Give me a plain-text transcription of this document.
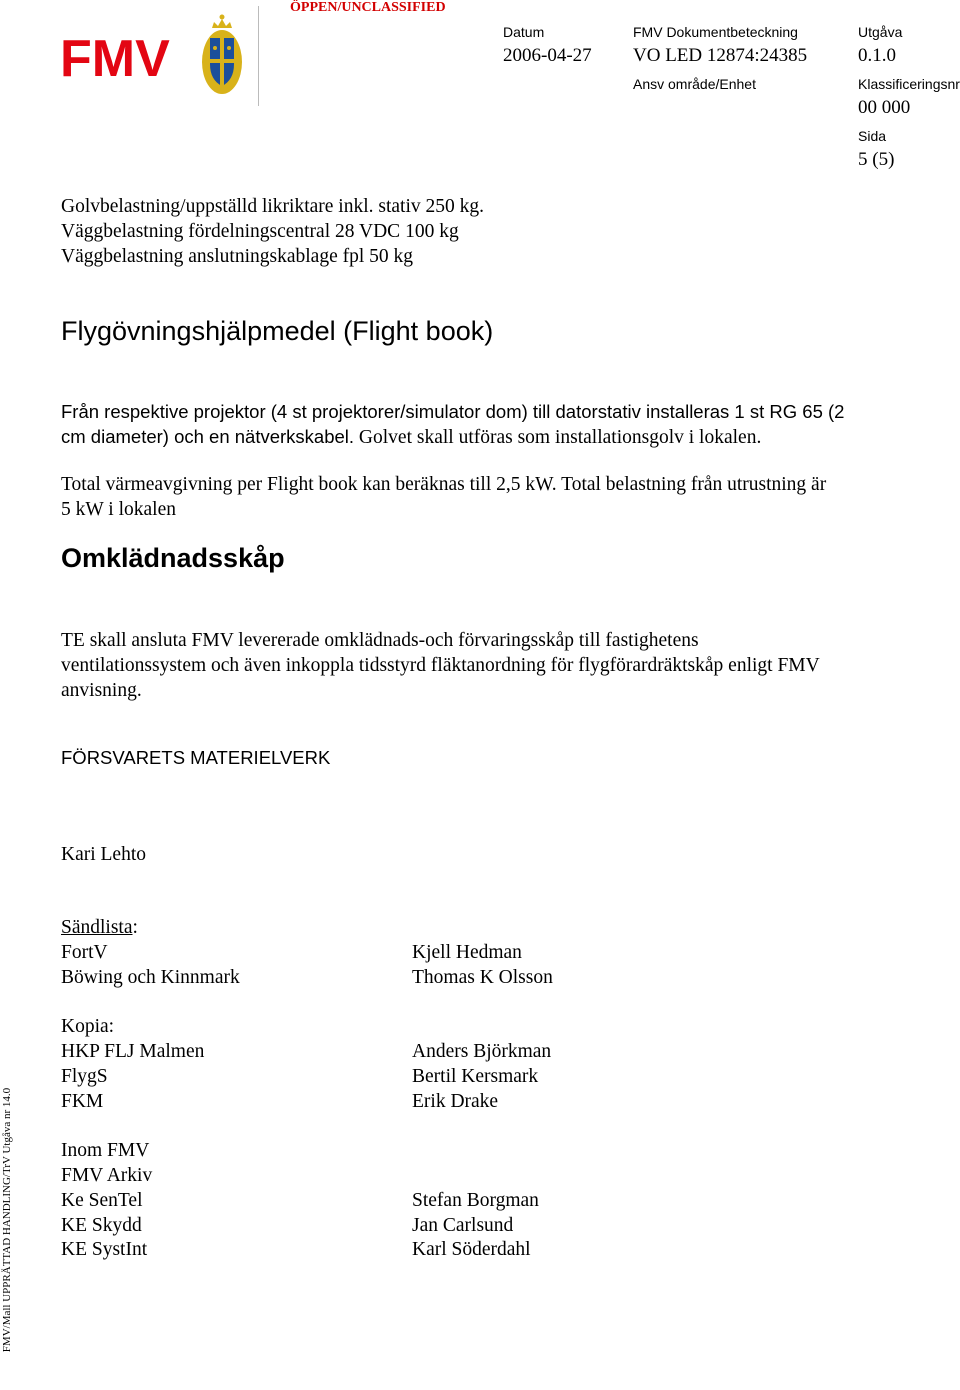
ÖPPEN/UNCLASSIFIED
FMV	Datum
2006-04-27
FMV Dokumentbeteckning
VO LED 12874:24385
Utgåva
0.1.0
Ansv område/Enhet	Klassificeringsnr
00 000
Sida
5 (5)
Golvbelastning/uppställd likriktare inkl. stativ 250 kg.
Väggbelastning fördelningscentral 28 VDC 100 kg
Väggbelastning anslutningskablage fpl 50 kg
Flygövningshjälpmedel (Flight book)
Från respektive projektor (4 st projektorer/simulator dom) till datorstativ installeras 1 st RG 65 (2
cm diameter) och en nätverkskabel. Golvet skall utföras som installationsgolv i lokalen.
Total värmeavgivning per Flight book kan beräknas till 2,5 kW. Total belastning från utrustning är
5 kW i lokalen
Omklädnadsskåp
TE skall ansluta FMV levererade omklädnads-och förvaringsskåp till fastighetens
ventilationssystem och även inkoppla tidsstyrd fläktanordning för flygförardräktskåp enligt FMV
anvisning.
FÖRSVARETS MATERIELVERK
Kari Lehto
Sändlista:
FortV
Böwing och Kinnmark
Kopia:
HKP FLJ Malmen
FlygS
FKM
Inom FMV
FMV Arkiv
Ke SenTel
KE Skydd
KE SystInt
Kjell Hedman
Thomas K Olsson
Anders Björkman
Bertil Kersmark
Erik Drake
Stefan Borgman
Jan Carlsund
Karl Söderdahl
FMV/Mall UPPRÄTTAD HANDLING/TrV Utgåva nr 14.0
